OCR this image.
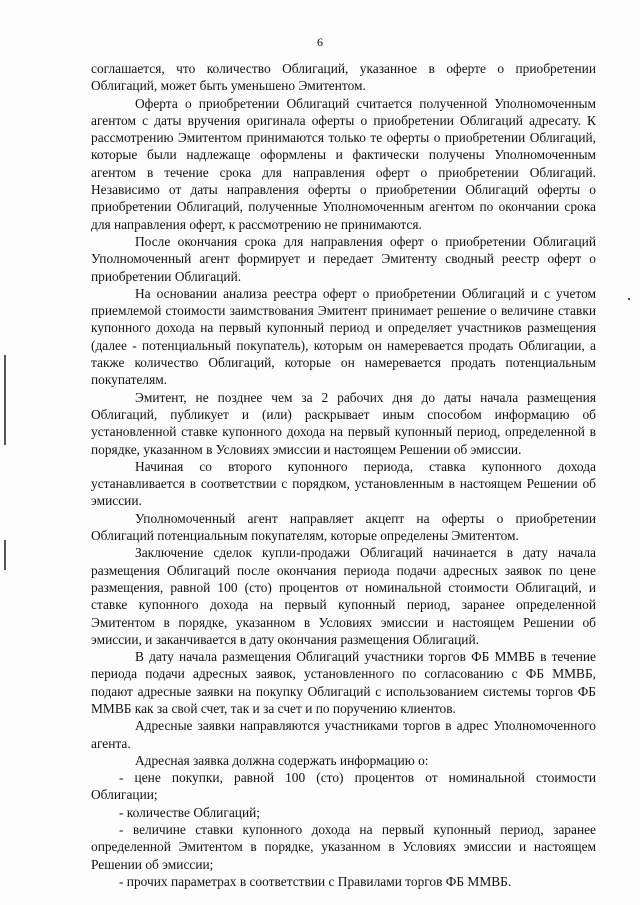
6

соглашается, что количество Облигаций, указанное в оферте о приобретении Облигаций, может быть уменьшено Эмитентом.

Оферта о приобретении Облигаций считается полученной Уполномоченным агентом с даты вручения оригинала оферты о приобретении Облигаций адресату. К рассмотрению Эмитентом принимаются только те оферты о приобретении Облигаций, которые были надлежаще оформлены и фактически получены Уполномоченным агентом в течение срока для направления оферт о приобретении Облигаций. Независимо от даты направления оферты о приобретении Облигаций оферты о приобретении Облигаций, полученные Уполномоченным агентом по окончании срока для направления оферт, к рассмотрению не принимаются.

После окончания срока для направления оферт о приобретении Облигаций Уполномоченный агент формирует и передает Эмитенту сводный реестр оферт о приобретении Облигаций.

На основании анализа реестра оферт о приобретении Облигаций и с учетом приемлемой стоимости заимствования Эмитент принимает решение о величине ставки купонного дохода на первый купонный период и определяет участников размещения (далее - потенциальный покупатель), которым он намеревается продать Облигации, а также количество Облигаций, которые он намеревается продать потенциальным покупателям.

Эмитент, не позднее чем за 2 рабочих дня до даты начала размещения Облигаций, публикует и (или) раскрывает иным способом информацию об установленной ставке купонного дохода на первый купонный период, определенной в порядке, указанном в Условиях эмиссии и настоящем Решении об эмиссии.

Начиная со второго купонного периода, ставка купонного дохода устанавливается в соответствии с порядком, установленным в настоящем Решении об эмиссии.

Уполномоченный агент направляет акцепт на оферты о приобретении Облигаций потенциальным покупателям, которые определены Эмитентом.

Заключение сделок купли-продажи Облигаций начинается в дату начала размещения Облигаций после окончания периода подачи адресных заявок по цене размещения, равной 100 (сто) процентов от номинальной стоимости Облигаций, и ставке купонного дохода на первый купонный период, заранее определенной Эмитентом в порядке, указанном в Условиях эмиссии и настоящем Решении об эмиссии, и заканчивается в дату окончания размещения Облигаций.

В дату начала размещения Облигаций участники торгов ФБ ММВБ в течение периода подачи адресных заявок, установленного по согласованию с ФБ ММВБ, подают адресные заявки на покупку Облигаций с использованием системы торгов ФБ ММВБ как за свой счет, так и за счет и по поручению клиентов.

Адресные заявки направляются участниками торгов в адрес Уполномоченного агента.

Адресная заявка должна содержать информацию о:

- цене покупки, равной 100 (сто) процентов от номинальной стоимости Облигации;

- количестве Облигаций;

- величине ставки купонного дохода на первый купонный период, заранее определенной Эмитентом в порядке, указанном в Условиях эмиссии и настоящем Решении об эмиссии;

- прочих параметрах в соответствии с Правилами торгов ФБ ММВБ.
